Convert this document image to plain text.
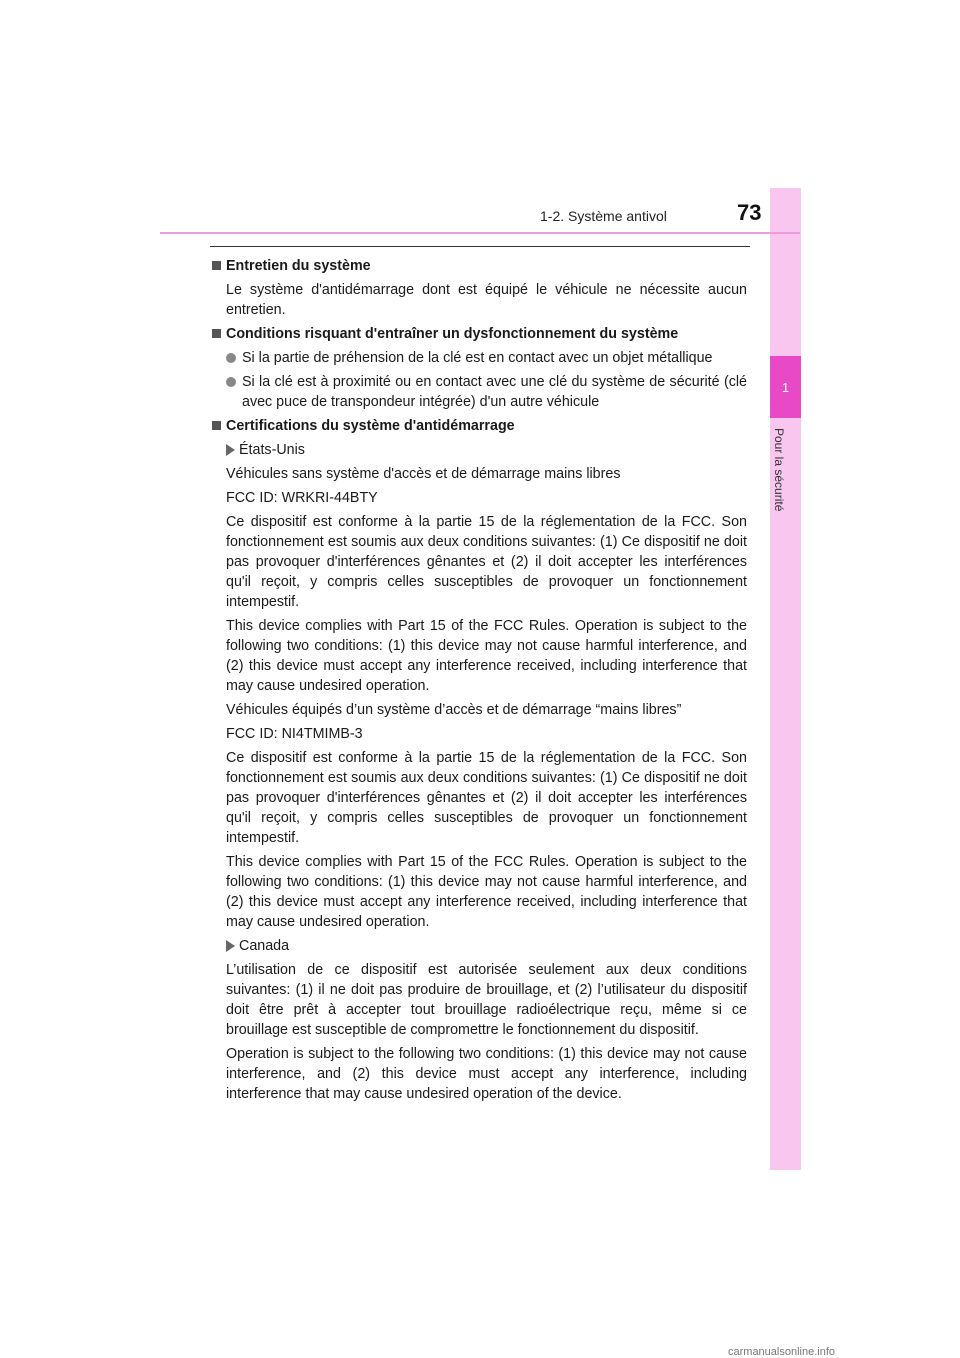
1
Pour la sécurité
1-2. Système antivol	73
Entretien du système
Le système d'antidémarrage dont est équipé le véhicule ne nécessite aucun entretien.
Conditions risquant d'entraîner un dysfonctionnement du système
Si la partie de préhension de la clé est en contact avec un objet métallique
Si la clé est à proximité ou en contact avec une clé du système de sécurité (clé avec puce de transpondeur intégrée) d'un autre véhicule
Certifications du système d'antidémarrage
États-Unis
Véhicules sans système d'accès et de démarrage mains libres
FCC ID: WRKRI-44BTY
Ce dispositif est conforme à la partie 15 de la réglementation de la FCC. Son fonctionnement est soumis aux deux conditions suivantes: (1) Ce dispositif ne doit pas provoquer d'interférences gênantes et (2) il doit accepter les interférences qu'il reçoit, y compris celles susceptibles de provoquer un fonctionnement intempestif.
This device complies with Part 15 of the FCC Rules. Operation is subject to the following two conditions: (1) this device may not cause harmful interference, and (2) this device must accept any interference received, including interference that may cause undesired operation.
Véhicules équipés d’un système d’accès et de démarrage “mains libres”
FCC ID: NI4TMIMB-3
Ce dispositif est conforme à la partie 15 de la réglementation de la FCC. Son fonctionnement est soumis aux deux conditions suivantes: (1) Ce dispositif ne doit pas provoquer d'interférences gênantes et (2) il doit accepter les interférences qu'il reçoit, y compris celles susceptibles de provoquer un fonctionnement intempestif.
This device complies with Part 15 of the FCC Rules. Operation is subject to the following two conditions: (1) this device may not cause harmful interference, and (2) this device must accept any interference received, including interference that may cause undesired operation.
Canada
L’utilisation de ce dispositif est autorisée seulement aux deux conditions suivantes: (1) il ne doit pas produire de brouillage, et (2) l’utilisateur du dispositif doit être prêt à accepter tout brouillage radioélectrique reçu, même si ce brouillage est susceptible de compromettre le fonctionnement du dispositif.
Operation is subject to the following two conditions: (1) this device may not cause interference, and (2) this device must accept any interference, including interference that may cause undesired operation of the device.
carmanualsonline.info
